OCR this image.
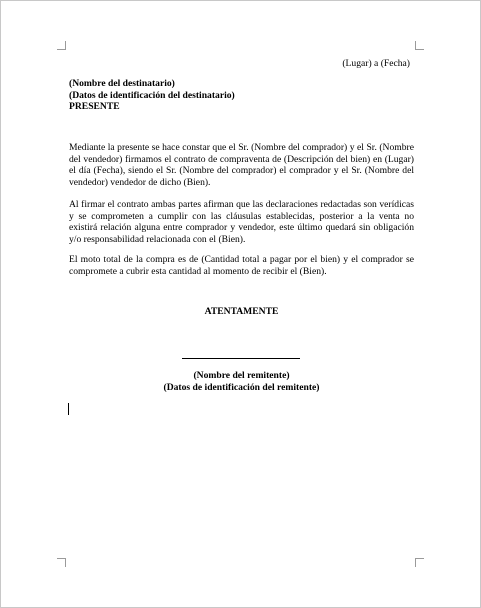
(Lugar) a (Fecha)
(Nombre del destinatario)
(Datos de identificación del destinatario)
PRESENTE
Mediante la presente se hace constar que el Sr. (Nombre del comprador) y el Sr. (Nombre del vendedor) firmamos el contrato de compraventa de (Descripción del bien) en (Lugar) el día (Fecha), siendo el Sr. (Nombre del comprador) el comprador y el Sr. (Nombre del vendedor) vendedor de dicho (Bien).
Al firmar el contrato ambas partes afirman que las declaraciones redactadas son verídicas y se comprometen a cumplir con las cláusulas establecidas, posterior a la venta no existirá relación alguna entre comprador y vendedor, este último quedará sin obligación y/o responsabilidad relacionada con el (Bien).
El moto total de la compra es de (Cantidad total a pagar por el bien) y el comprador se compromete a cubrir esta cantidad al momento de recibir el (Bien).
ATENTAMENTE
(Nombre del remitente)
(Datos de identificación del remitente)
